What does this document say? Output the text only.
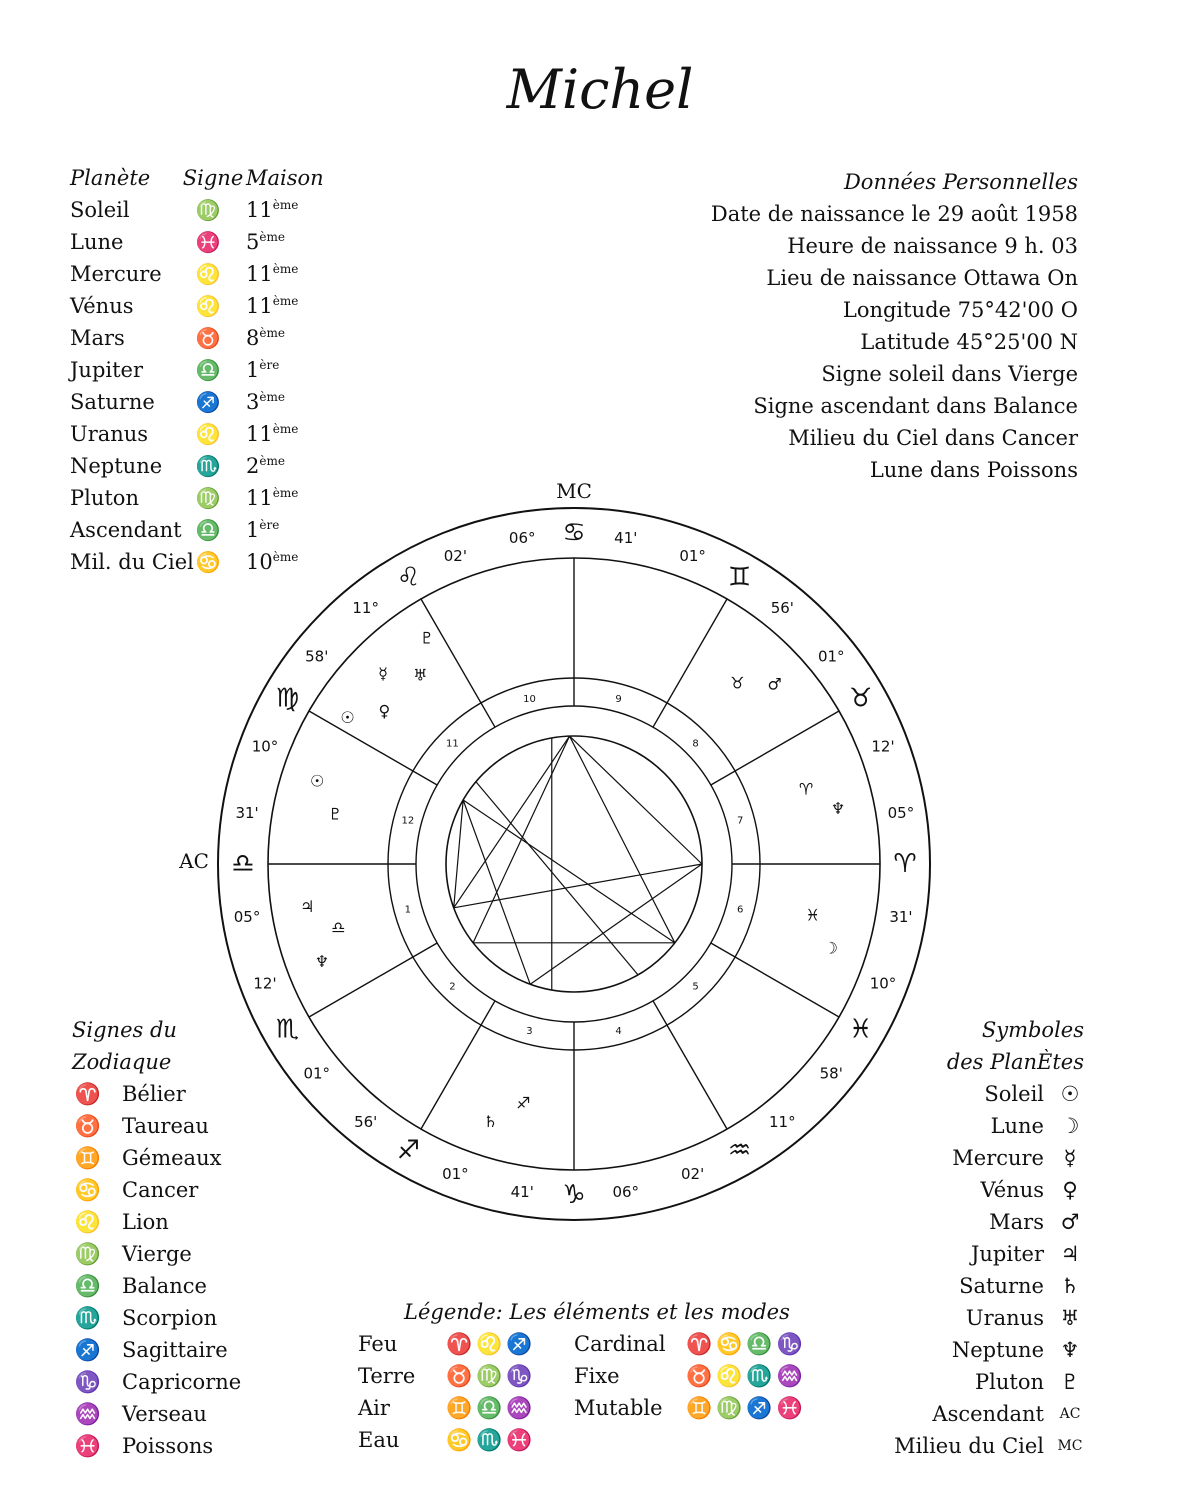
Michel
Planète	Signe Maison
Soleil	♍ 11ème
Lune	♓ 5ème
Mercure	♌ 11ème
Vénus	♌ 11ème
Mars	♉ 8ème
Jupiter	♎ 1ère
Saturne	♐ 3ème
Uranus	♌ 11ème
Neptune	♏ 2ème
Pluton	♍ 11ème
Ascendant ♎ 1ère
Mil. du Ciel ♋ 10ème
Données Personnelles
Date de naissance le 29 août 1958
Heure de naissance 9 h. 03
Lieu de naissance Ottawa On
Longitude 75°42'00 O
Latitude 45°25'00 N
Signe soleil dans Vierge
Signe ascendant dans Balance
Milieu du Ciel dans Cancer
Lune dans Poissons
Signes du
Zodiaque
♈ Bélier
♉ Taureau
♊ Gémeaux
♋ Cancer
♌ Lion
♍ Vierge
♎ Balance
♏ Scorpion
♐ Sagittaire
♑ Capricorne
♒ Verseau
♓ Poissons
Symboles
des PlanÈtes
Soleil ☉
Lune ☽
Mercure ☿
Vénus ♀
Mars ♂
Jupiter ♃
Saturne ♄
Uranus ♅
Neptune ♆
Pluton ♇
Ascendant AC
Milieu du Ciel MC
Légende: Les éléments et les modes
Feu ♈♌♐ Cardinal ♈♋♎♑
Terre ♉♍♑ Fixe	♉♌♏♒
Air	♊♎♒ Mutable ♊♍♐♓
Eau ♋♏♓
♎
05°
31'
♏
01°
12'
♐
01°
56'
♑ 06°
41'
♒
11°
02'
♓
10°
58'
♈
05°
31'
♉
01°
12'
♊
01°
56'
♋
06°	41'
♌
11°
02'
♍
10°
58'
1
2
3	4
5
6
7
8
9
10
11
12
MC
AC
♇
♅
☿
♀
☉
☉
♇
♂
♉
♆
♈
☽
♓
♄
♐
♃
♎
♆
